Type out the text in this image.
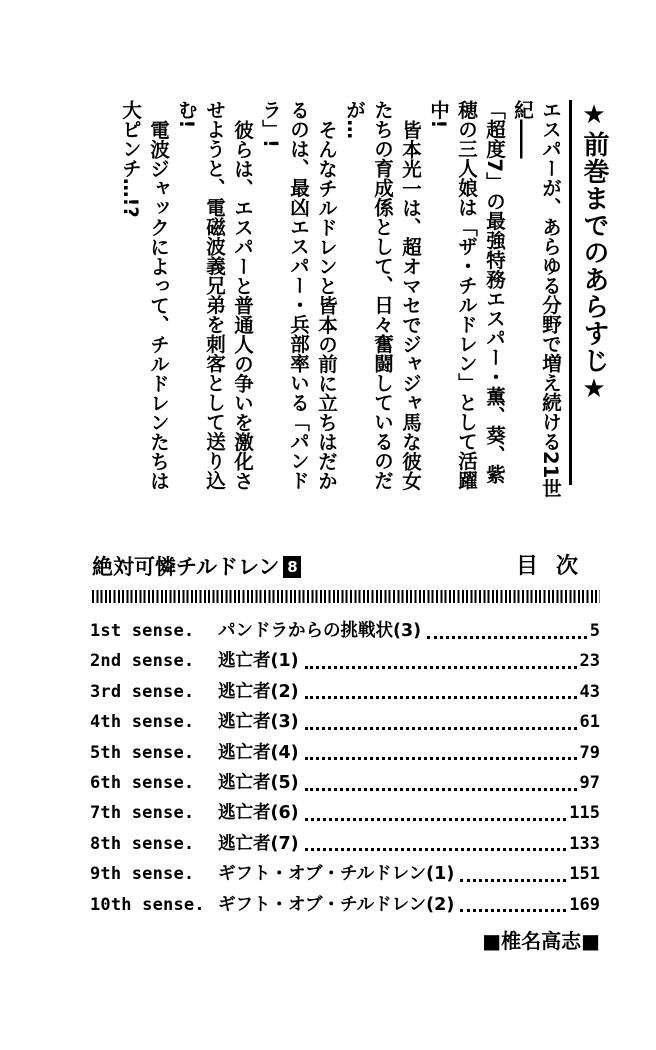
★前巻までのあらすじ★

エスパーが、あらゆる分野で増え続ける21世紀――

「超度7」の最強特務エスパー・薫、葵、紫穂の三人娘は「ザ・チルドレン」として活躍中!

皆本光一は、超オマセでジャジャ馬な彼女たちの育成係として、日々奮闘しているのだが…

そんなチルドレンと皆本の前に立ちはだかるのは、最凶エスパー・兵部率いる「パンドラ」!

彼らは、エスパーと普通人の争いを激化させようと、電磁波義兄弟を刺客として送り込む!

電波ジャックによって、チルドレンたちは大ピンチ…!?

絶対可憐チルドレン 8	目次
1st sense.	パンドラからの挑戦状(3)	5
2nd sense.	逃亡者(1)	23
3rd sense.	逃亡者(2)	43
4th sense.	逃亡者(3)	61
5th sense.	逃亡者(4)	79
6th sense.	逃亡者(5)	97
7th sense.	逃亡者(6)	115
8th sense.	逃亡者(7)	133
9th sense.	ギフト・オブ・チルドレン(1)	151
10th sense. ギフト・オブ・チルドレン(2)	169
■椎名高志■
